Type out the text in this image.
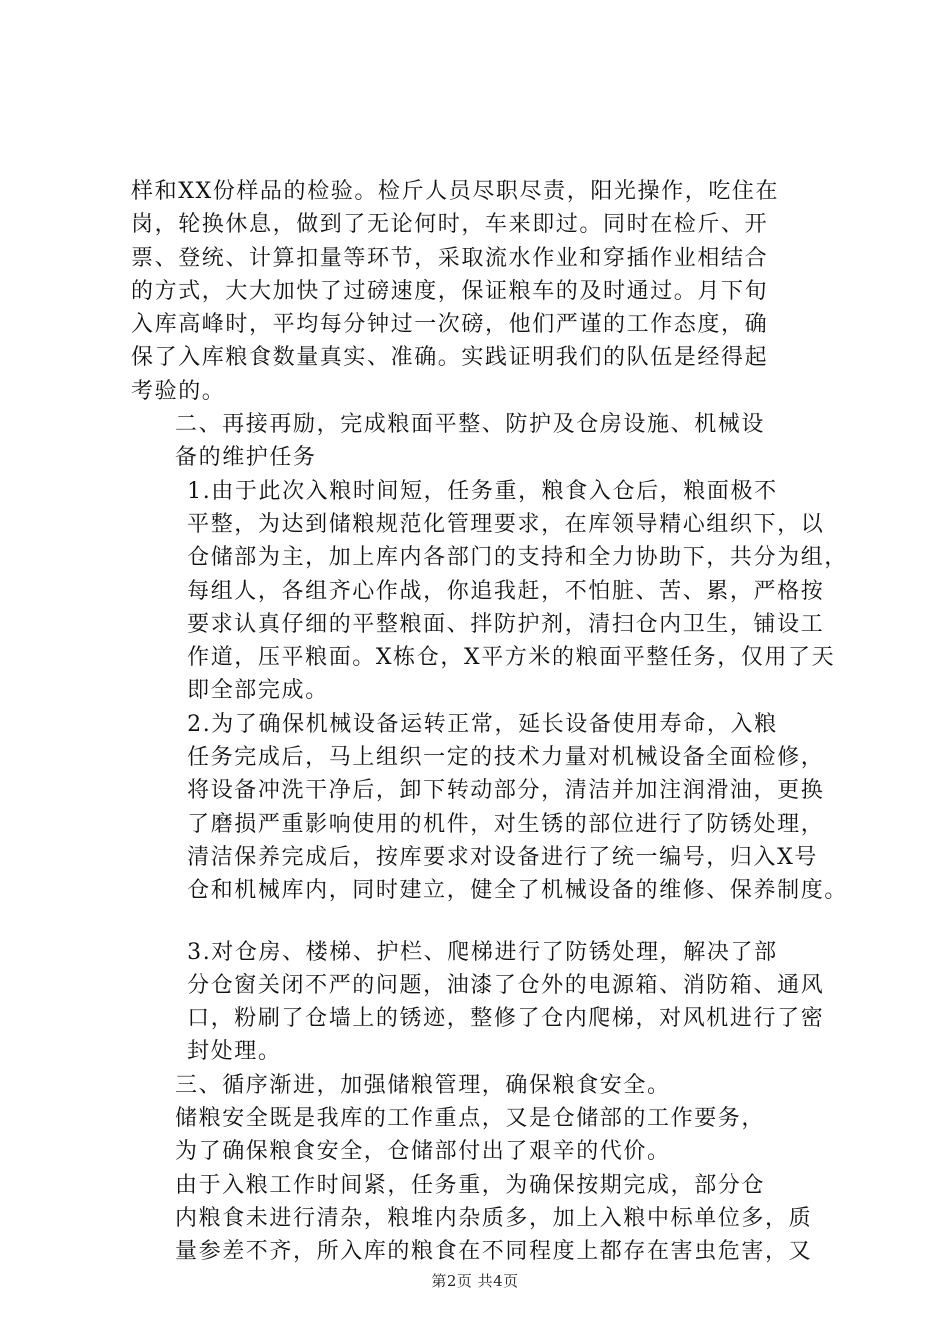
样和XX份样品的检验。检斤人员尽职尽责，阳光操作，吃住在
岗，轮换休息，做到了无论何时，车来即过。同时在检斤、开
票、登统、计算扣量等环节，采取流水作业和穿插作业相结合
的方式，大大加快了过磅速度，保证粮车的及时通过。月下旬
入库高峰时，平均每分钟过一次磅，他们严谨的工作态度，确
保了入库粮食数量真实、准确。实践证明我们的队伍是经得起
考验的。

二、再接再励，完成粮面平整、防护及仓房设施、机械设
备的维护任务

1.由于此次入粮时间短，任务重，粮食入仓后，粮面极不
平整，为达到储粮规范化管理要求，在库领导精心组织下，以
仓储部为主，加上库内各部门的支持和全力协助下，共分为组，
每组人，各组齐心作战，你追我赶，不怕脏、苦、累，严格按
要求认真仔细的平整粮面、拌防护剂，清扫仓内卫生，铺设工
作道，压平粮面。X栋仓，X平方米的粮面平整任务，仅用了天
即全部完成。

2.为了确保机械设备运转正常，延长设备使用寿命，入粮
任务完成后，马上组织一定的技术力量对机械设备全面检修，
将设备冲洗干净后，卸下转动部分，清洁并加注润滑油，更换
了磨损严重影响使用的机件，对生锈的部位进行了防锈处理，
清洁保养完成后，按库要求对设备进行了统一编号，归入X号
仓和机械库内，同时建立，健全了机械设备的维修、保养制度。

3.对仓房、楼梯、护栏、爬梯进行了防锈处理，解决了部
分仓窗关闭不严的问题，油漆了仓外的电源箱、消防箱、通风
口，粉刷了仓墙上的锈迹，整修了仓内爬梯，对风机进行了密
封处理。

三、循序渐进，加强储粮管理，确保粮食安全。

储粮安全既是我库的工作重点，又是仓储部的工作要务，
为了确保粮食安全，仓储部付出了艰辛的代价。

由于入粮工作时间紧，任务重，为确保按期完成，部分仓
内粮食未进行清杂，粮堆内杂质多，加上入粮中标单位多，质
量参差不齐，所入库的粮食在不同程度上都存在害虫危害，又

第2页 共4页
